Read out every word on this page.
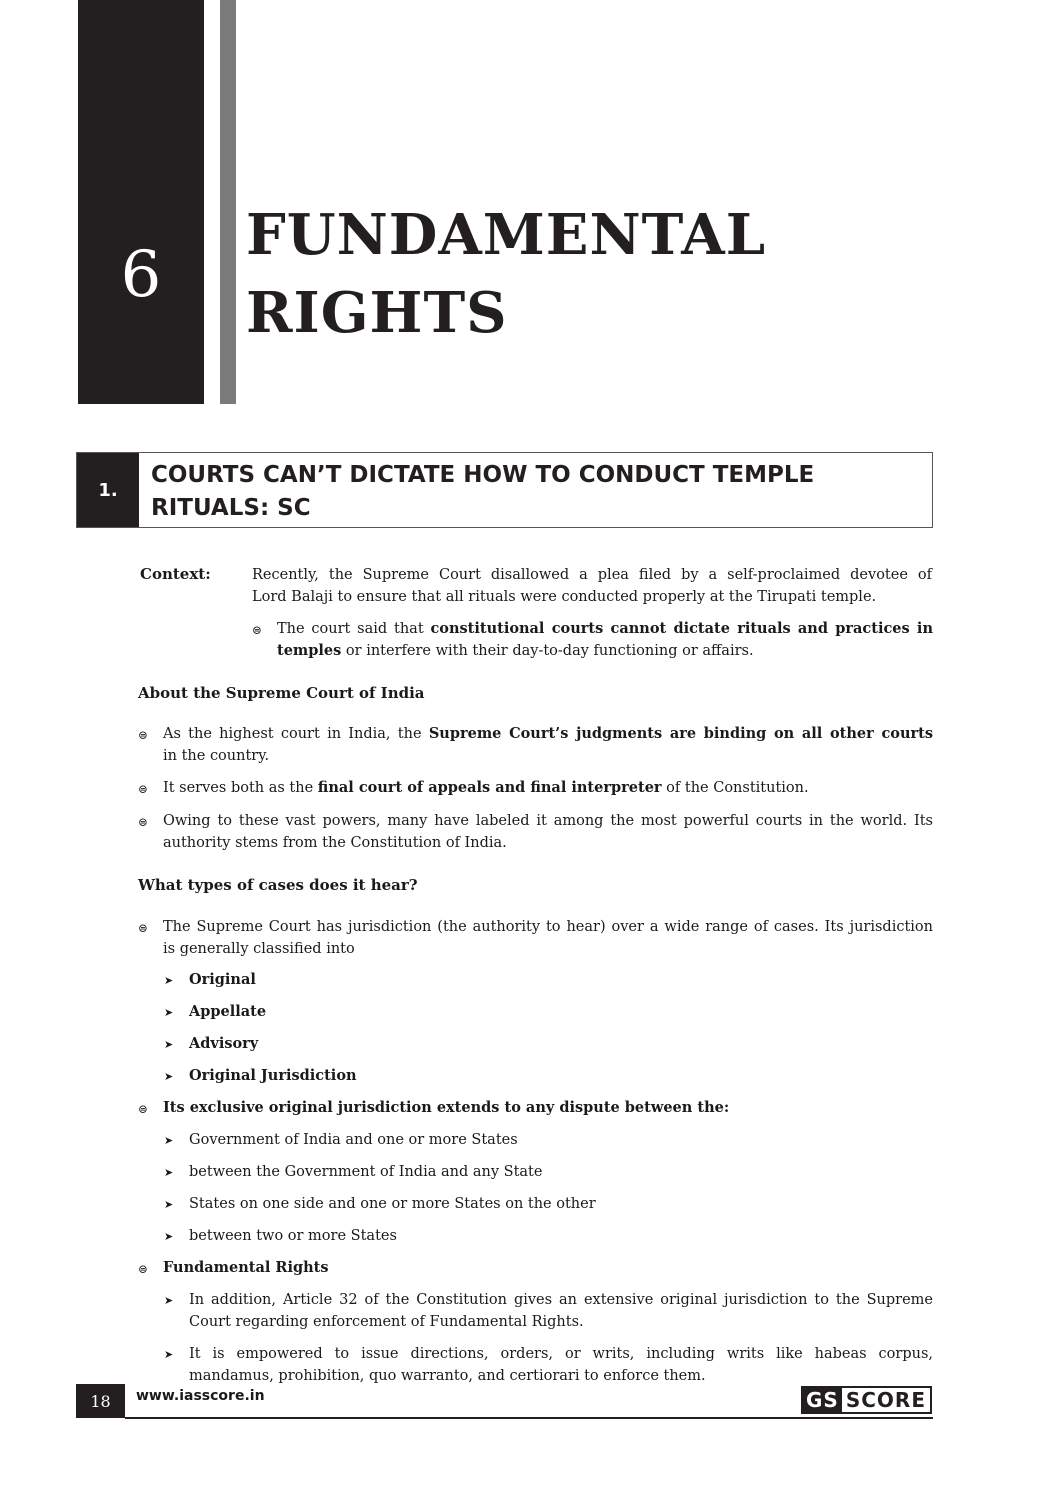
6
FUNDAMENTAL
RIGHTS
1.
COURTS CAN’T DICTATE HOW TO CONDUCT TEMPLE
RITUALS: SC
Context:	Recently, the Supreme Court disallowed a plea filed by a self-proclaimed devotee of
Lord Balaji to ensure that all rituals were conducted properly at the Tirupati temple.
⊜ The court said that constitutional courts cannot dictate rituals and practices in
temples or interfere with their day-to-day functioning or affairs.
About the Supreme Court of India
⊜ As the highest court in India, the Supreme Court’s judgments are binding on all other courts
in the country.
⊜ It serves both as the final court of appeals and final interpreter of the Constitution.
⊜ Owing to these vast powers, many have labeled it among the most powerful courts in the world. Its
authority stems from the Constitution of India.
What types of cases does it hear?
⊜ The Supreme Court has jurisdiction (the authority to hear) over a wide range of cases. Its jurisdiction
is generally classified into
➤ Original
➤ Appellate
➤ Advisory
➤ Original Jurisdiction
⊜ Its exclusive original jurisdiction extends to any dispute between the:
➤ Government of India and one or more States
➤ between the Government of India and any State
➤ States on one side and one or more States on the other
➤ between two or more States
⊜ Fundamental Rights
➤ In addition, Article 32 of the Constitution gives an extensive original jurisdiction to the Supreme
Court regarding enforcement of Fundamental Rights.
➤ It is empowered to issue directions, orders, or writs, including writs like habeas corpus,
mandamus, prohibition, quo warranto, and certiorari to enforce them.
18	www.iasscore.in	GS SCORE
